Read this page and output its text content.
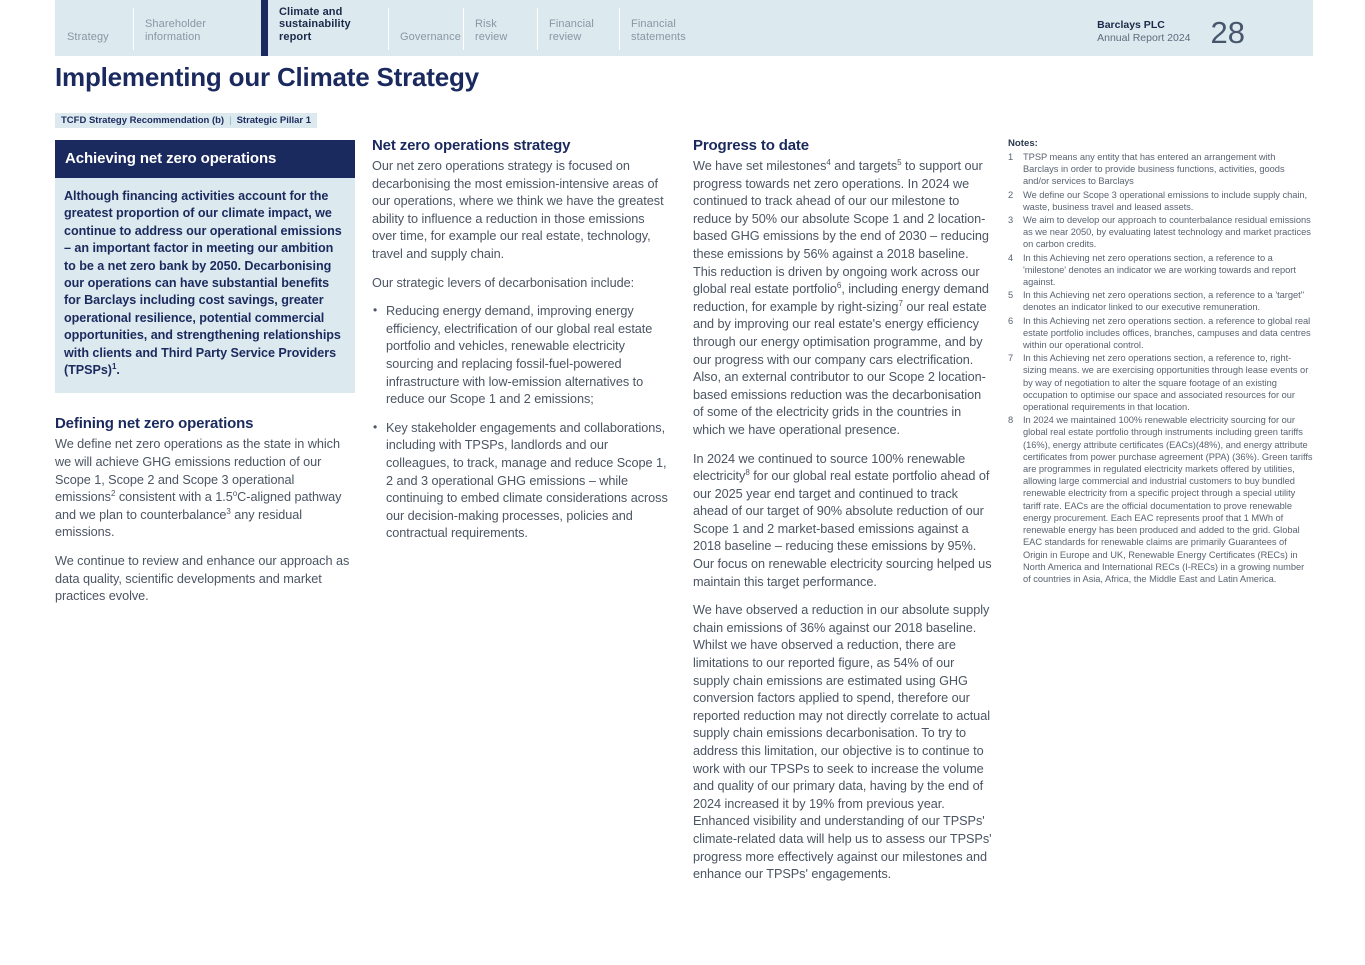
Strategy
Shareholder
information
Climate and
sustainability report	Governance
Risk
review
Financial
review
Financial
statements
Barclays PLC
Annual Report 2024 28
Implementing our Climate Strategy
TCFD Strategy Recommendation (b) | Strategic Pillar 1
Achieving net zero operations
Although financing activities account for the greatest proportion of our climate impact, we continue to address our operational emissions – an important factor in meeting our ambition to be a net zero bank by 2050. Decarbonising our operations can have substantial benefits for Barclays including cost savings, greater operational resilience, potential commercial opportunities, and strengthening relationships with clients and Third Party Service Providers (TPSPs)$^1$.
Defining net zero operations

We define net zero operations as the state in which we will achieve GHG emissions reduction of our Scope 1, Scope 2 and Scope 3 operational emissions$^2$ consistent with a 1.5$^o$C-aligned pathway and we plan to counterbalance$^3$ any residual emissions.

We continue to review and enhance our approach as data quality, scientific developments and market practices evolve.

Net zero operations strategy

Our net zero operations strategy is focused on decarbonising the most emission-intensive areas of our operations, where we think we have the greatest ability to influence a reduction in those emissions over time, for example our real estate, technology, travel and supply chain.

Our strategic levers of decarbonisation include:

• Reducing energy demand, improving energy efficiency, electrification of our global real estate portfolio and vehicles, renewable electricity sourcing and replacing fossil-fuel-powered infrastructure with low-emission alternatives to reduce our Scope 1 and 2 emissions;
• Key stakeholder engagements and collaborations, including with TPSPs, landlords and our colleagues, to track, manage and reduce Scope 1, 2 and 3 operational GHG emissions – while continuing to embed climate considerations across our decision-making processes, policies and contractual requirements.
Progress to date

We have set milestones$^4$ and targets$^5$ to support our progress towards net zero operations. In 2024 we continued to track ahead of our our milestone to reduce by 50% our absolute Scope 1 and 2 location-based GHG emissions by the end of 2030 – reducing these emissions by 56% against a 2018 baseline. This reduction is driven by ongoing work across our global real estate portfolio$^6$, including energy demand reduction, for example by right-sizing$^7$ our real estate and by improving our real estate's energy efficiency through our energy optimisation programme, and by our progress with our company cars electrification. Also, an external contributor to our Scope 2 location-based emissions reduction was the decarbonisation of some of the electricity grids in the countries in which we have operational presence.

In 2024 we continued to source 100% renewable electricity$^8$ for our global real estate portfolio ahead of our 2025 year end target and continued to track ahead of our target of 90% absolute reduction of our Scope 1 and 2 market-based emissions against a 2018 baseline – reducing these emissions by 95%. Our focus on renewable electricity sourcing helped us maintain this target performance.

We have observed a reduction in our absolute supply chain emissions of 36% against our 2018 baseline. Whilst we have observed a reduction, there are limitations to our reported figure, as 54% of our supply chain emissions are estimated using GHG conversion factors applied to spend, therefore our reported reduction may not directly correlate to actual supply chain emissions decarbonisation. To try to address this limitation, our objective is to continue to work with our TPSPs to seek to increase the volume and quality of our primary data, having by the end of 2024 increased it by 19% from previous year. Enhanced visibility and understanding of our TPSPs' climate-related data will help us to assess our TPSPs' progress more effectively against our milestones and enhance our TPSPs' engagements.

Notes:
1	TPSP means any entity that has entered an arrangement with Barclays in order to provide business functions, activities, goods and/or services to Barclays
2	We define our Scope 3 operational emissions to include supply chain, waste, business travel and leased assets.
3	We aim to develop our approach to counterbalance residual emissions as we near 2050, by evaluating latest technology and market practices on carbon credits.
4	In this Achieving net zero operations section, a reference to a 'milestone' denotes an indicator we are working towards and report against.
5	In this Achieving net zero operations section, a reference to a 'target'' denotes an indicator linked to our executive remuneration.
6	In this Achieving net zero operations section. a reference to global real estate portfolio includes offices, branches, campuses and data centres within our operational control.
7	In this Achieving net zero operations section, a reference to, right-sizing means. we are exercising opportunities through lease events or by way of negotiation to alter the square footage of an existing occupation to optimise our space and associated resources for our operational requirements in that location.
8	In 2024 we maintained 100% renewable electricity sourcing for our global real estate portfolio through instruments including green tariffs (16%), energy attribute certificates (EACs)(48%), and energy attribute certificates from power purchase agreement (PPA) (36%). Green tariffs are programmes in regulated electricity markets offered by utilities, allowing large commercial and industrial customers to buy bundled renewable electricity from a specific project through a special utility tariff rate. EACs are the official documentation to prove renewable energy procurement. Each EAC represents proof that 1 MWh of renewable energy has been produced and added to the grid. Global EAC standards for renewable claims are primarily Guarantees of Origin in Europe and UK, Renewable Energy Certificates (RECs) in North America and International RECs (I-RECs) in a growing number of countries in Asia, Africa, the Middle East and Latin America.
